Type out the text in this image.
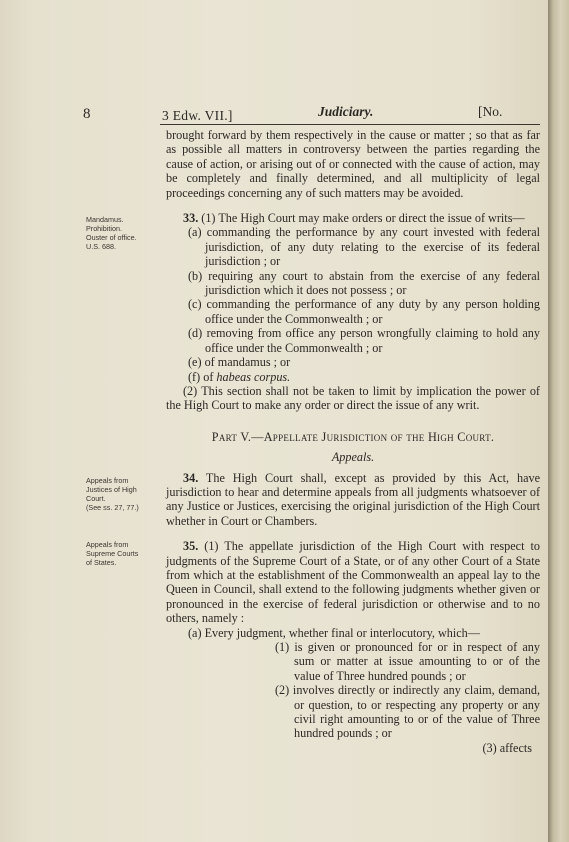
8	3 Edw. VII.]	Judiciary.	[No.
Mandamus.
Prohibition.
Ouster of office.
U.S. 688.
Appeals from
Justices of High
Court.
(See ss. 27, 77.)
Appeals from
Supreme Courts
of States.

brought forward by them respectively in the cause or matter ; so that as far as possible all matters in controversy between the parties regarding the cause of action, or arising out of or connected with the cause of action, may be completely and finally determined, and all multiplicity of legal proceedings concerning any of such matters may be avoided.

33. (1) The High Court may make orders or direct the issue of writs—

(a) commanding the performance by any court invested with federal jurisdiction, of any duty relating to the exercise of its federal jurisdiction ; or

(b) requiring any court to abstain from the exercise of any federal jurisdiction which it does not possess ; or

(c) commanding the performance of any duty by any person holding office under the Commonwealth ; or

(d) removing from office any person wrongfully claiming to hold any office under the Commonwealth ; or

(e) of mandamus ; or

(f) of habeas corpus.

(2) This section shall not be taken to limit by implication the power of the High Court to make any order or direct the issue of any writ.

Part V.—Appellate Jurisdiction of the High Court.

Appeals.

34. The High Court shall, except as provided by this Act, have jurisdiction to hear and determine appeals from all judgments whatsoever of any Justice or Justices, exercising the original jurisdiction of the High Court whether in Court or Chambers.

35. (1) The appellate jurisdiction of the High Court with respect to judgments of the Supreme Court of a State, or of any other Court of a State from which at the establishment of the Commonwealth an appeal lay to the Queen in Council, shall extend to the following judgments whether given or pronounced in the exercise of federal jurisdiction or otherwise and to no others, namely :

(a) Every judgment, whether final or interlocutory, which—

(1) is given or pronounced for or in respect of any sum or matter at issue amounting to or of the value of Three hundred pounds ; or

(2) involves directly or indirectly any claim, demand, or question, to or respecting any property or any civil right amounting to or of the value of Three hundred pounds ; or

(3) affects
